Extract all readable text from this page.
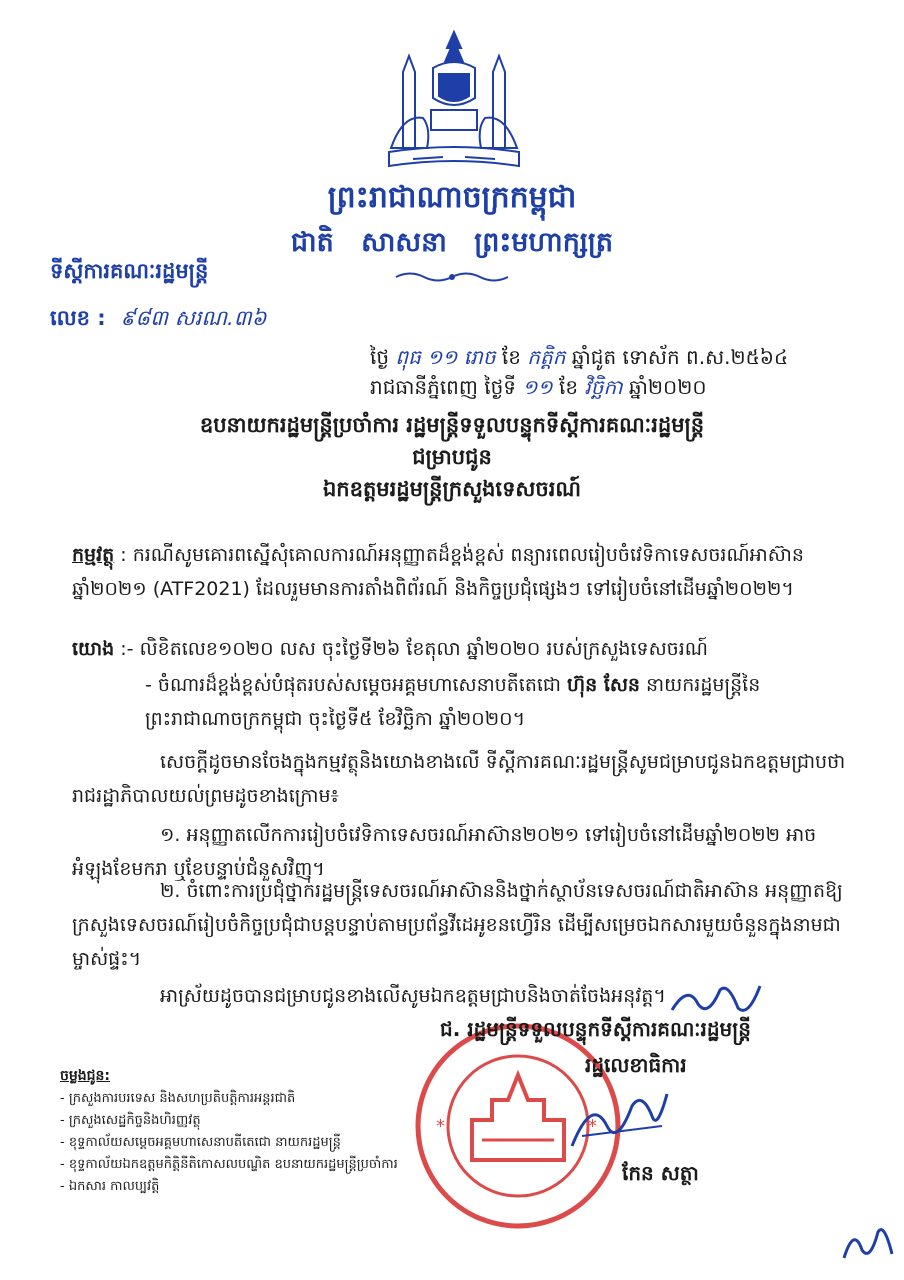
ព្រះរាជាណាចក្រកម្ពុជា
ជាតិ សាសនា ព្រះមហាក្សត្រ
ទីស្ដីការគណៈរដ្ឋមន្ត្រី
លេខ : ៩៨៣ សរណ.៣៦
ថ្ងៃ ពុធ ១១ រោច ខែ កត្តិក ឆ្នាំជូត ទោស័ក ព.ស.២៥៦៤
រាជធានីភ្នំពេញ ថ្ងៃទី ១១ ខែ វិច្ឆិកា ឆ្នាំ២០២០
ឧបនាយករដ្ឋមន្ត្រីប្រចាំការ រដ្ឋមន្ត្រីទទួលបន្ទុកទីស្ដីការគណៈរដ្ឋមន្ត្រី
ជម្រាបជូន
ឯកឧត្តមរដ្ឋមន្ត្រីក្រសួងទេសចរណ៍
កម្មវត្ថុ : ករណីសូមគោរពស្នើសុំគោលការណ៍អនុញ្ញាតដ៏ខ្ពង់ខ្ពស់ ពន្យារពេលរៀបចំវេទិកាទេសចរណ៍អាស៊ាន ឆ្នាំ២០២១ (ATF2021) ដែលរួមមានការតាំងពិព័រណ៍ និងកិច្ចប្រជុំផ្សេងៗ ទៅរៀបចំនៅដើមឆ្នាំ២០២២។
យោង :- លិខិតលេខ១០២០ លស ចុះថ្ងៃទី២៦ ខែតុលា ឆ្នាំ២០២០ របស់ក្រសួងទេសចរណ៍
- ចំណារដ៏ខ្ពង់ខ្ពស់បំផុតរបស់សម្ដេចអគ្គមហាសេនាបតីតេជោ ហ៊ុន សែន នាយករដ្ឋមន្ត្រីនៃព្រះរាជាណាចក្រកម្ពុជា ចុះថ្ងៃទី៥ ខែវិច្ឆិកា ឆ្នាំ២០២០។
សេចក្ដីដូចមានចែងក្នុងកម្មវត្ថុនិងយោងខាងលើ ទីស្ដីការគណៈរដ្ឋមន្ត្រីសូមជម្រាបជូនឯកឧត្តមជ្រាបថា រាជរដ្ឋាភិបាលយល់ព្រមដូចខាងក្រោម៖
១. អនុញ្ញាតលើកការរៀបចំវេទិកាទេសចរណ៍អាស៊ាន២០២១ ទៅរៀបចំនៅដើមឆ្នាំ២០២២ អាចអំឡុងខែមករា ឬខែបន្ទាប់ជំនួសវិញ។
២. ចំពោះការប្រជុំថ្នាក់រដ្ឋមន្ត្រីទេសចរណ៍អាស៊ាននិងថ្នាក់ស្ថាប័នទេសចរណ៍ជាតិអាស៊ាន អនុញ្ញាតឱ្យក្រសួងទេសចរណ៍រៀបចំកិច្ចប្រជុំជាបន្តបន្ទាប់តាមប្រព័ន្ធវីដេអូខនហ្វើរិន ដើម្បីសម្រេចឯកសារមួយចំនួនក្នុងនាមជាម្ចាស់ផ្ទះ។
អាស្រ័យដូចបានជម្រាបជូនខាងលើសូមឯកឧត្តមជ្រាបនិងចាត់ចែងអនុវត្ត។
*	*
ជ. រដ្ឋមន្ត្រីទទួលបន្ទុកទីស្ដីការគណៈរដ្ឋមន្ត្រី
រដ្ឋលេខាធិការ
កែន សត្ថា
ចម្លងជូន:
- ក្រសួងការបរទេស និងសហប្រតិបត្តិការអន្តរជាតិ
- ក្រសួងសេដ្ឋកិច្ចនិងហិរញ្ញវត្ថុ
- ខុទ្ទកាល័យសម្ដេចអគ្គមហាសេនាបតីតេជោ នាយករដ្ឋមន្ត្រី
- ខុទ្ទកាល័យឯកឧត្តមកិត្តិនីតិកោសលបណ្ឌិត ឧបនាយករដ្ឋមន្ត្រីប្រចាំការ
- ឯកសារ កាលប្បវត្តិ
